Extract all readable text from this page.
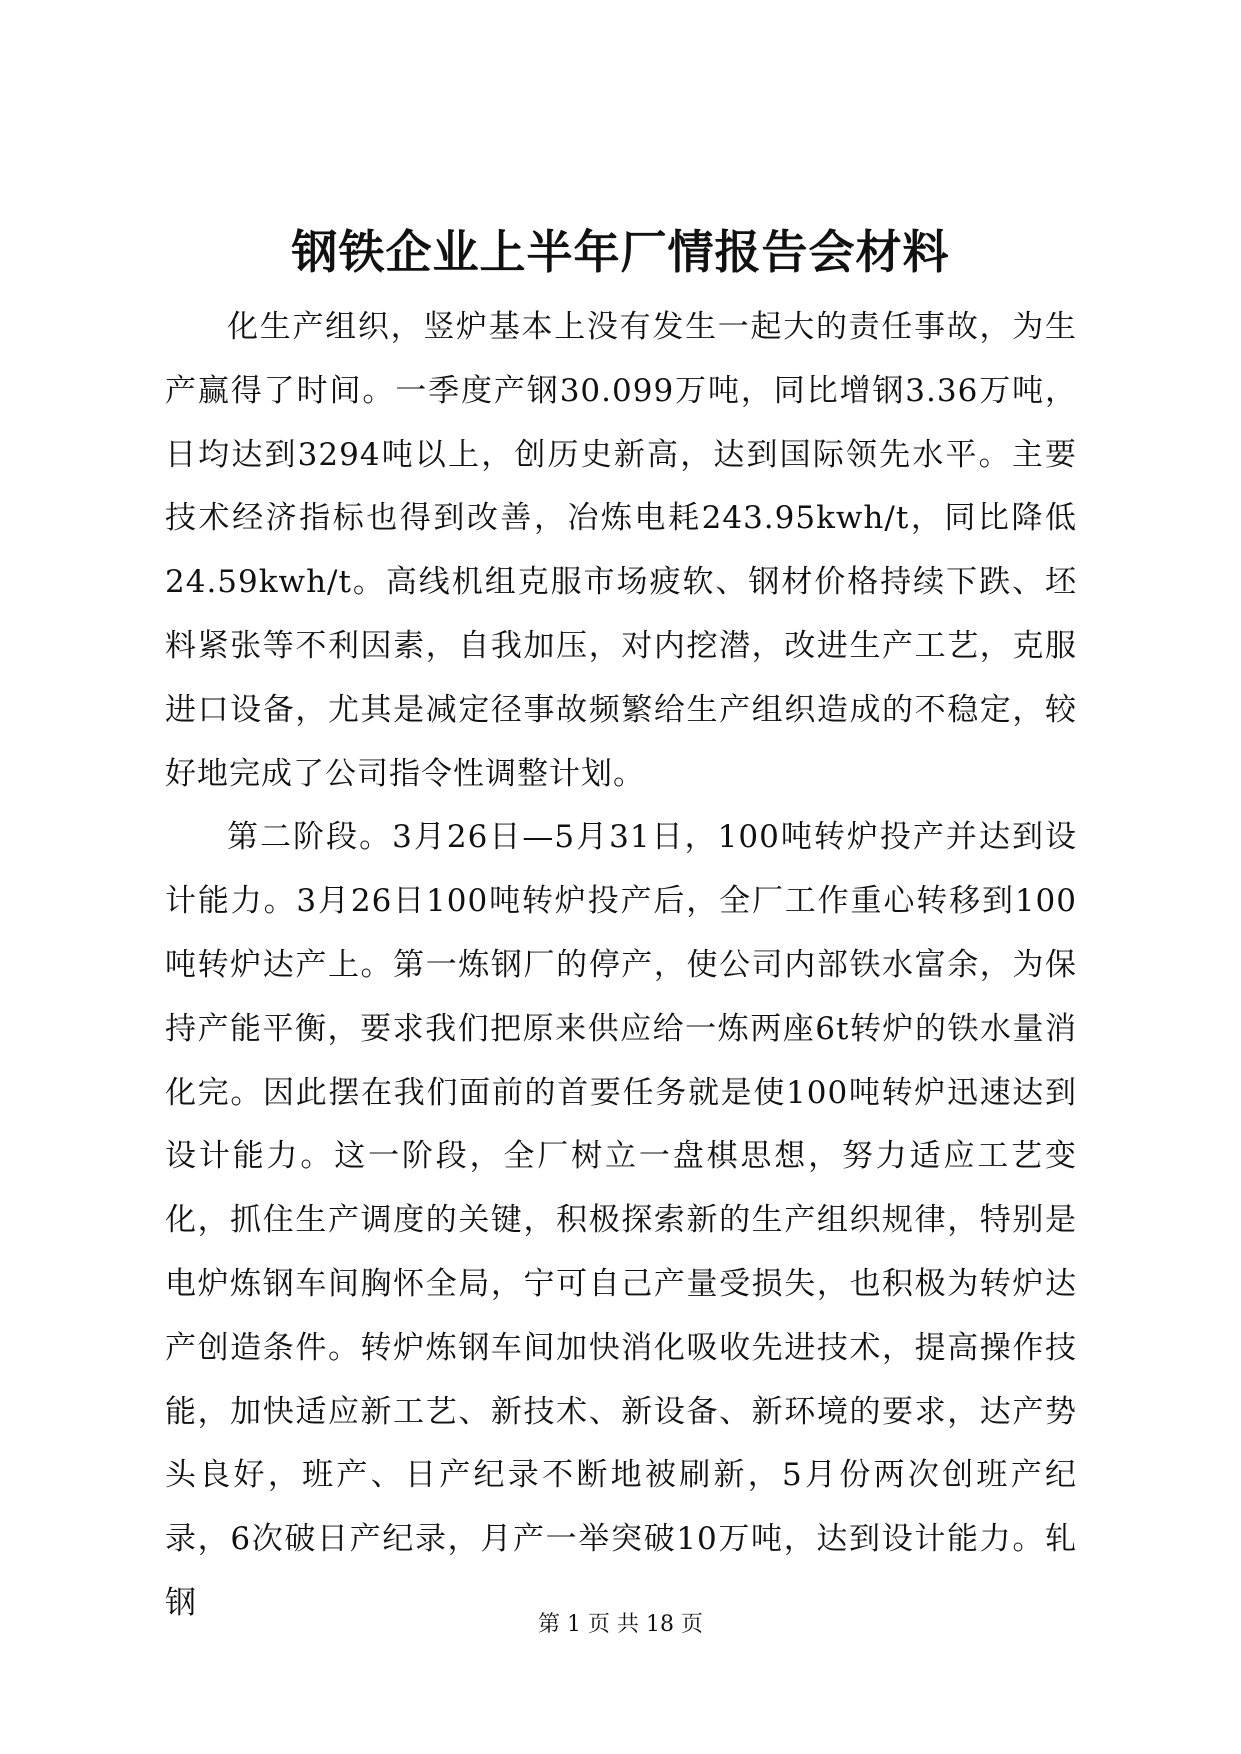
钢铁企业上半年厂情报告会材料

化生产组织，竖炉基本上没有发生一起大的责任事故，为生产赢得了时间。一季度产钢30.099万吨，同比增钢3.36万吨，日均达到3294吨以上，创历史新高，达到国际领先水平。主要技术经济指标也得到改善，冶炼电耗243.95kwh/t，同比降低24.59kwh/t。高线机组克服市场疲软、钢材价格持续下跌、坯料紧张等不利因素，自我加压，对内挖潜，改进生产工艺，克服进口设备，尤其是减定径事故频繁给生产组织造成的不稳定，较好地完成了公司指令性调整计划。

第二阶段。3月26日—5月31日，100吨转炉投产并达到设计能力。3月26日100吨转炉投产后，全厂工作重心转移到100吨转炉达产上。第一炼钢厂的停产，使公司内部铁水富余，为保持产能平衡，要求我们把原来供应给一炼两座6t转炉的铁水量消化完。因此摆在我们面前的首要任务就是使100吨转炉迅速达到设计能力。这一阶段，全厂树立一盘棋思想，努力适应工艺变化，抓住生产调度的关键，积极探索新的生产组织规律，特别是电炉炼钢车间胸怀全局，宁可自己产量受损失，也积极为转炉达产创造条件。转炉炼钢车间加快消化吸收先进技术，提高操作技能，加快适应新工艺、新技术、新设备、新环境的要求，达产势头良好，班产、日产纪录不断地被刷新，5月份两次创班产纪录，6次破日产纪录，月产一举突破10万吨，达到设计能力。轧钢

第 1 页 共 18 页
